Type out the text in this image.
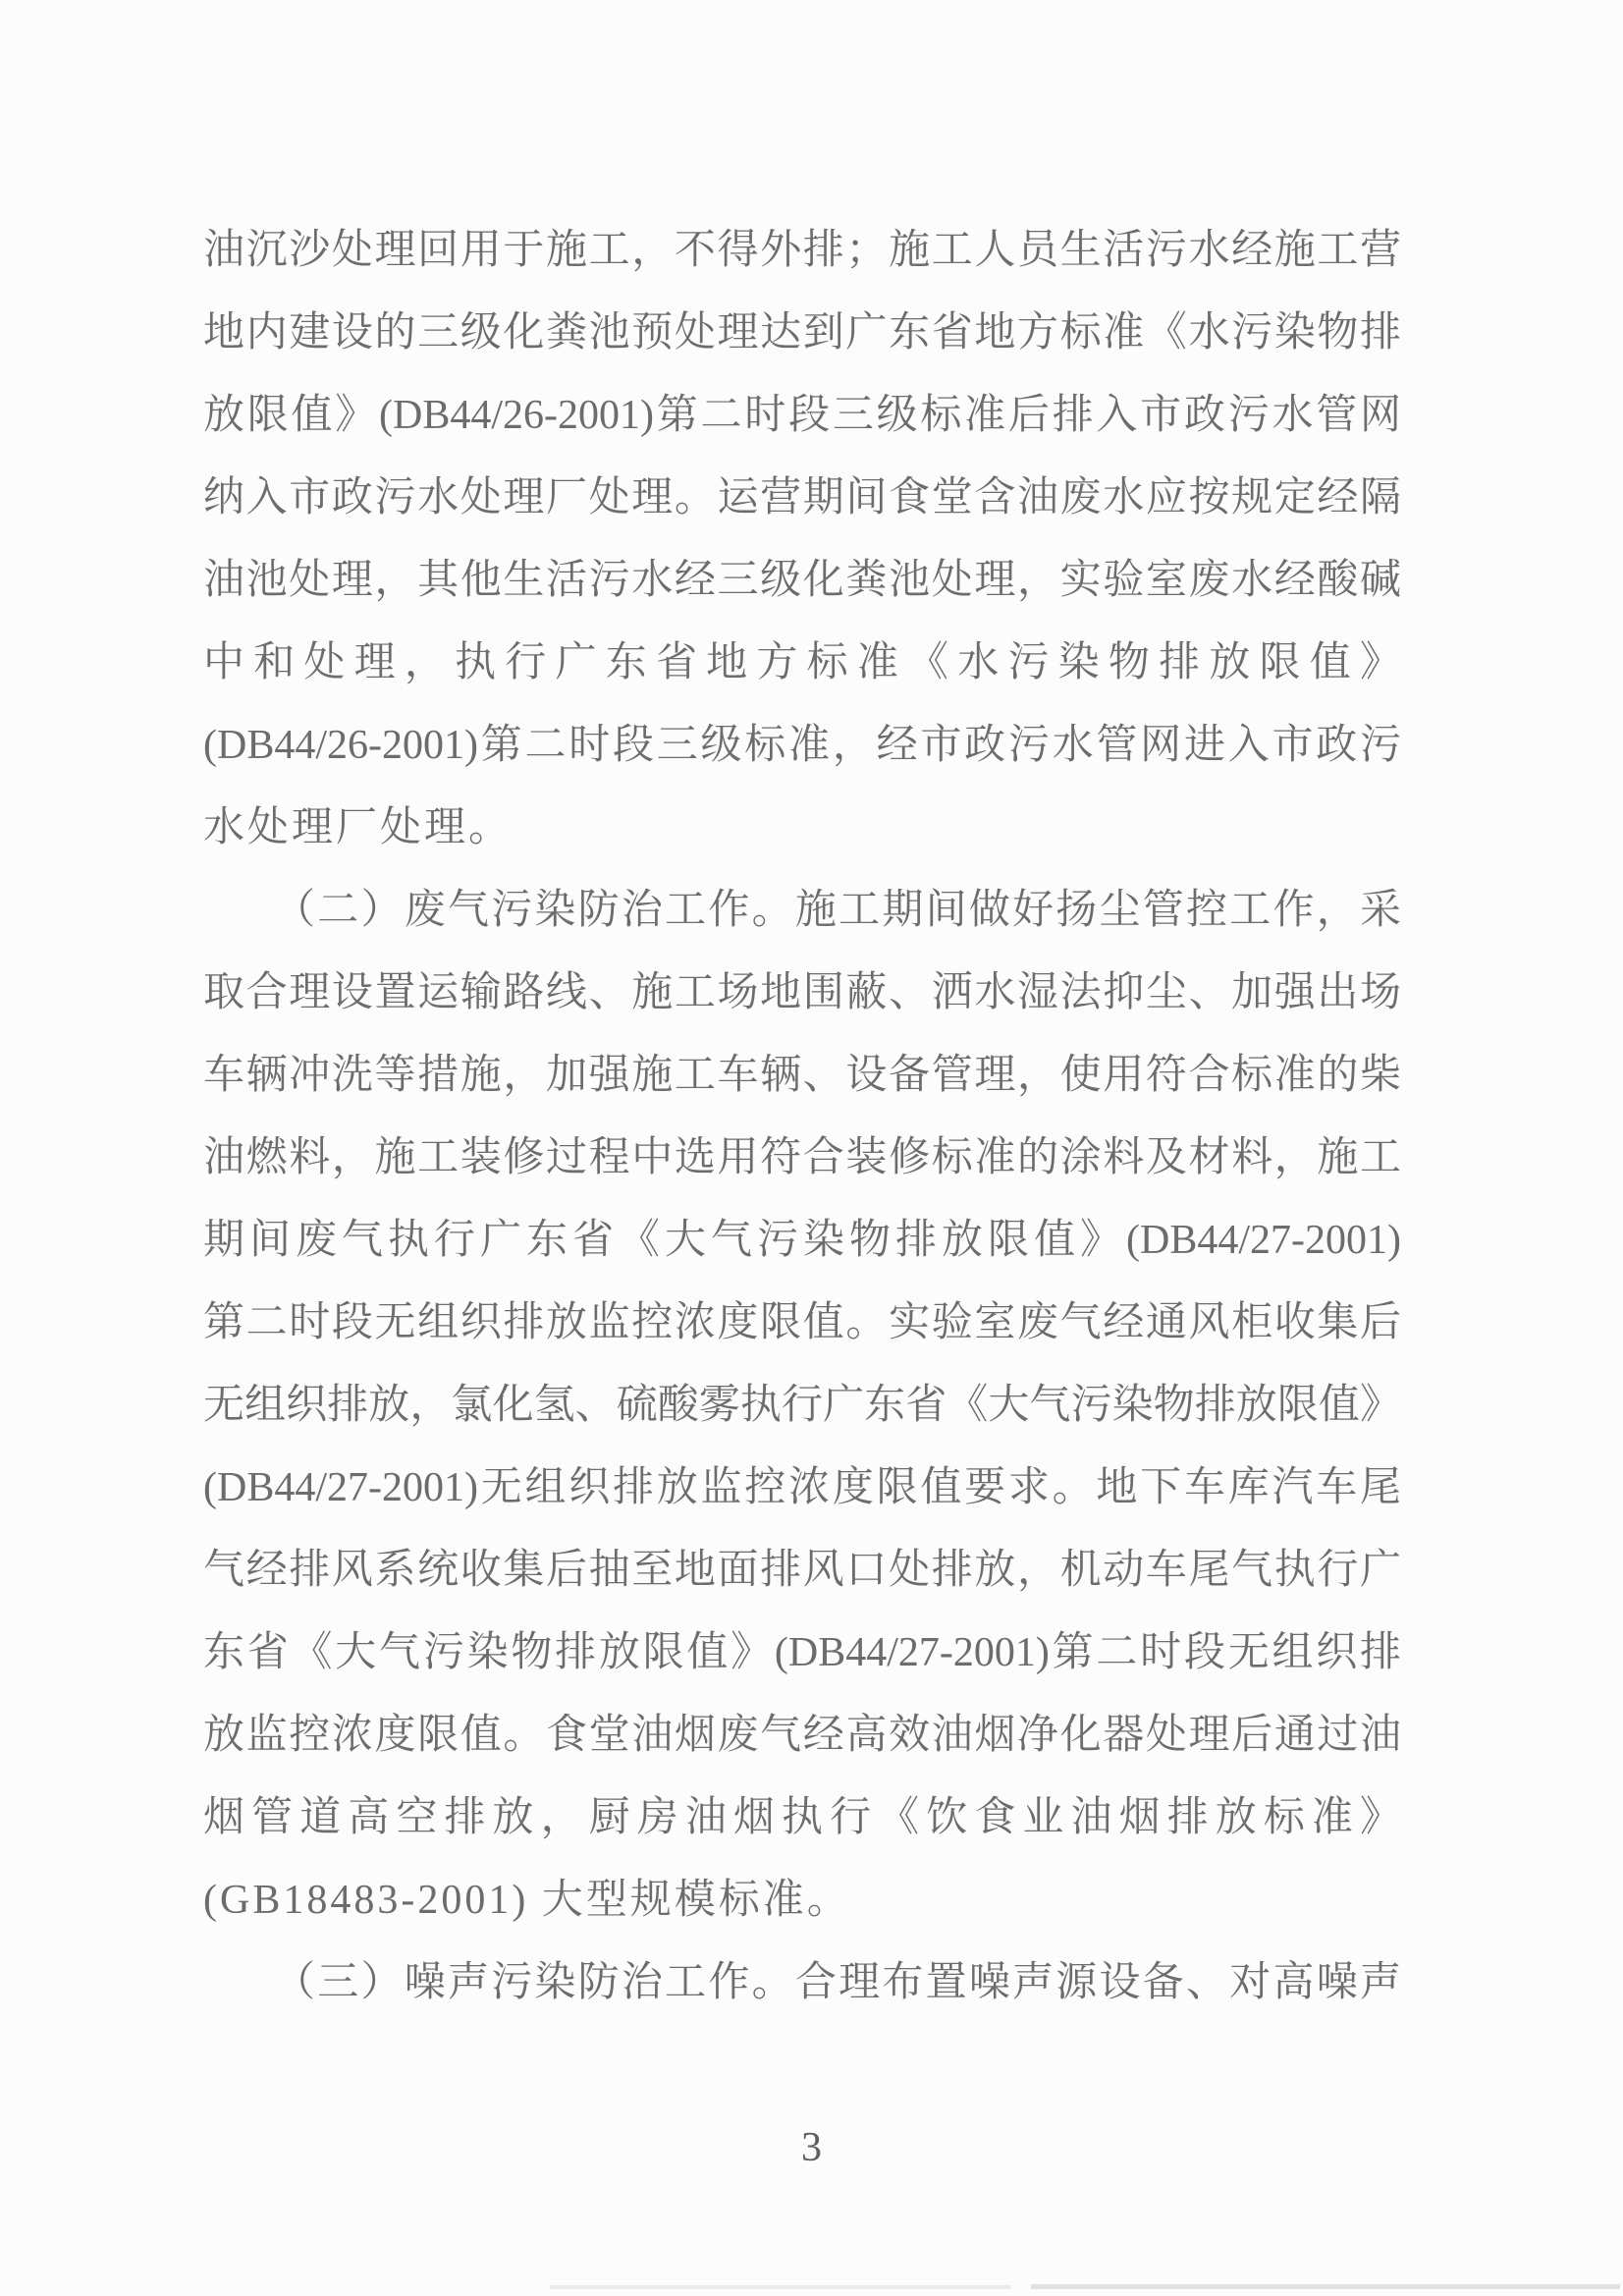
油沉沙处理回用于施工，不得外排；施工人员生活污水经施工营
地内建设的三级化粪池预处理达到广东省地方标准《水污染物排
放限值》(DB44/26-2001)第二时段三级标准后排入市政污水管网
纳入市政污水处理厂处理。运营期间食堂含油废水应按规定经隔
油池处理，其他生活污水经三级化粪池处理，实验室废水经酸碱
中和处理，执行广东省地方标准《水污染物排放限值》
(DB44/26-2001)第二时段三级标准，经市政污水管网进入市政污
水处理厂处理。
（二）废气污染防治工作。施工期间做好扬尘管控工作，采
取合理设置运输路线、施工场地围蔽、洒水湿法抑尘、加强出场
车辆冲洗等措施，加强施工车辆、设备管理，使用符合标准的柴
油燃料，施工装修过程中选用符合装修标准的涂料及材料，施工
期间废气执行广东省《大气污染物排放限值》(DB44/27-2001)
第二时段无组织排放监控浓度限值。实验室废气经通风柜收集后
无组织排放，氯化氢、硫酸雾执行广东省《大气污染物排放限值》
(DB44/27-2001)无组织排放监控浓度限值要求。地下车库汽车尾
气经排风系统收集后抽至地面排风口处排放，机动车尾气执行广
东省《大气污染物排放限值》(DB44/27-2001)第二时段无组织排
放监控浓度限值。食堂油烟废气经高效油烟净化器处理后通过油
烟管道高空排放，厨房油烟执行《饮食业油烟排放标准》
(GB18483-2001) 大型规模标准。
（三）噪声污染防治工作。合理布置噪声源设备、对高噪声
3
